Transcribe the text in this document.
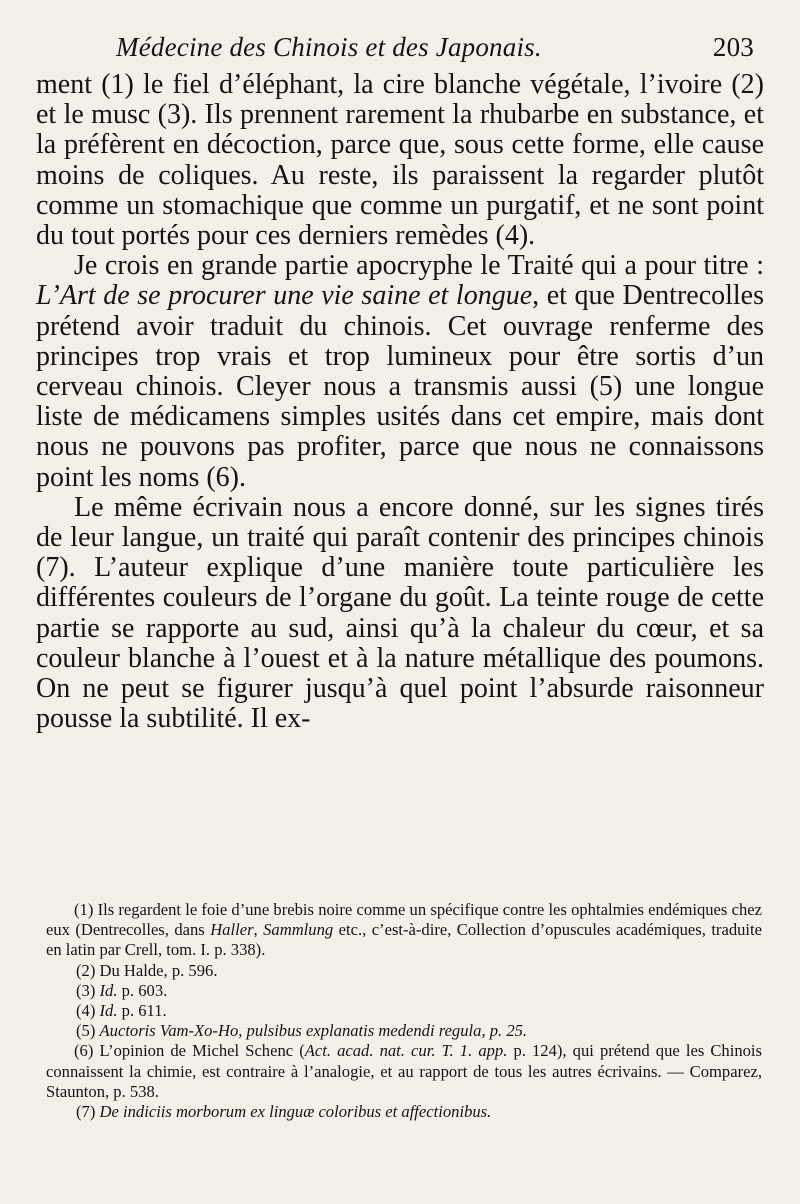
Médecine des Chinois et des Japonais.	203

ment (1) le fiel d’éléphant, la cire blanche végétale, l’ivoire (2) et le musc (3). Ils prennent rarement la rhubarbe en substance, et la préfèrent en décoction, parce que, sous cette forme, elle cause moins de coliques. Au reste, ils paraissent la regarder plutôt comme un stomachique que comme un purgatif, et ne sont point du tout portés pour ces derniers remèdes (4).

Je crois en grande partie apocryphe le Traité qui a pour titre : L’Art de se procurer une vie saine et longue, et que Dentrecolles prétend avoir traduit du chinois. Cet ouvrage renferme des principes trop vrais et trop lumineux pour être sortis d’un cerveau chinois. Cleyer nous a transmis aussi (5) une longue liste de médicamens simples usités dans cet empire, mais dont nous ne pouvons pas profiter, parce que nous ne connaissons point les noms (6).

Le même écrivain nous a encore donné, sur les signes tirés de leur langue, un traité qui paraît contenir des principes chinois (7). L’auteur explique d’une manière toute particulière les différentes couleurs de l’organe du goût. La teinte rouge de cette partie se rapporte au sud, ainsi qu’à la chaleur du cœur, et sa couleur blanche à l’ouest et à la nature métallique des poumons. On ne peut se figurer jusqu’à quel point l’absurde raisonneur pousse la subtilité. Il ex-

(1) Ils regardent le foie d’une brebis noire comme un spécifique contre les ophtalmies endémiques chez eux (Dentrecolles, dans Haller, Sammlung etc., c’est-à-dire, Collection d’opuscules académiques, traduite en latin par Crell, tom. I. p. 338).

(2) Du Halde, p. 596.

(3) Id. p. 603.

(4) Id. p. 611.

(5) Auctoris Vam-Xo-Ho, pulsibus explanatis medendi regula, p. 25.

(6) L’opinion de Michel Schenc (Act. acad. nat. cur. T. 1. app. p. 124), qui prétend que les Chinois connaissent la chimie, est contraire à l’analogie, et au rapport de tous les autres écrivains. — Comparez, Staunton, p. 538.

(7) De indiciis morborum ex linguæ coloribus et affectionibus.
